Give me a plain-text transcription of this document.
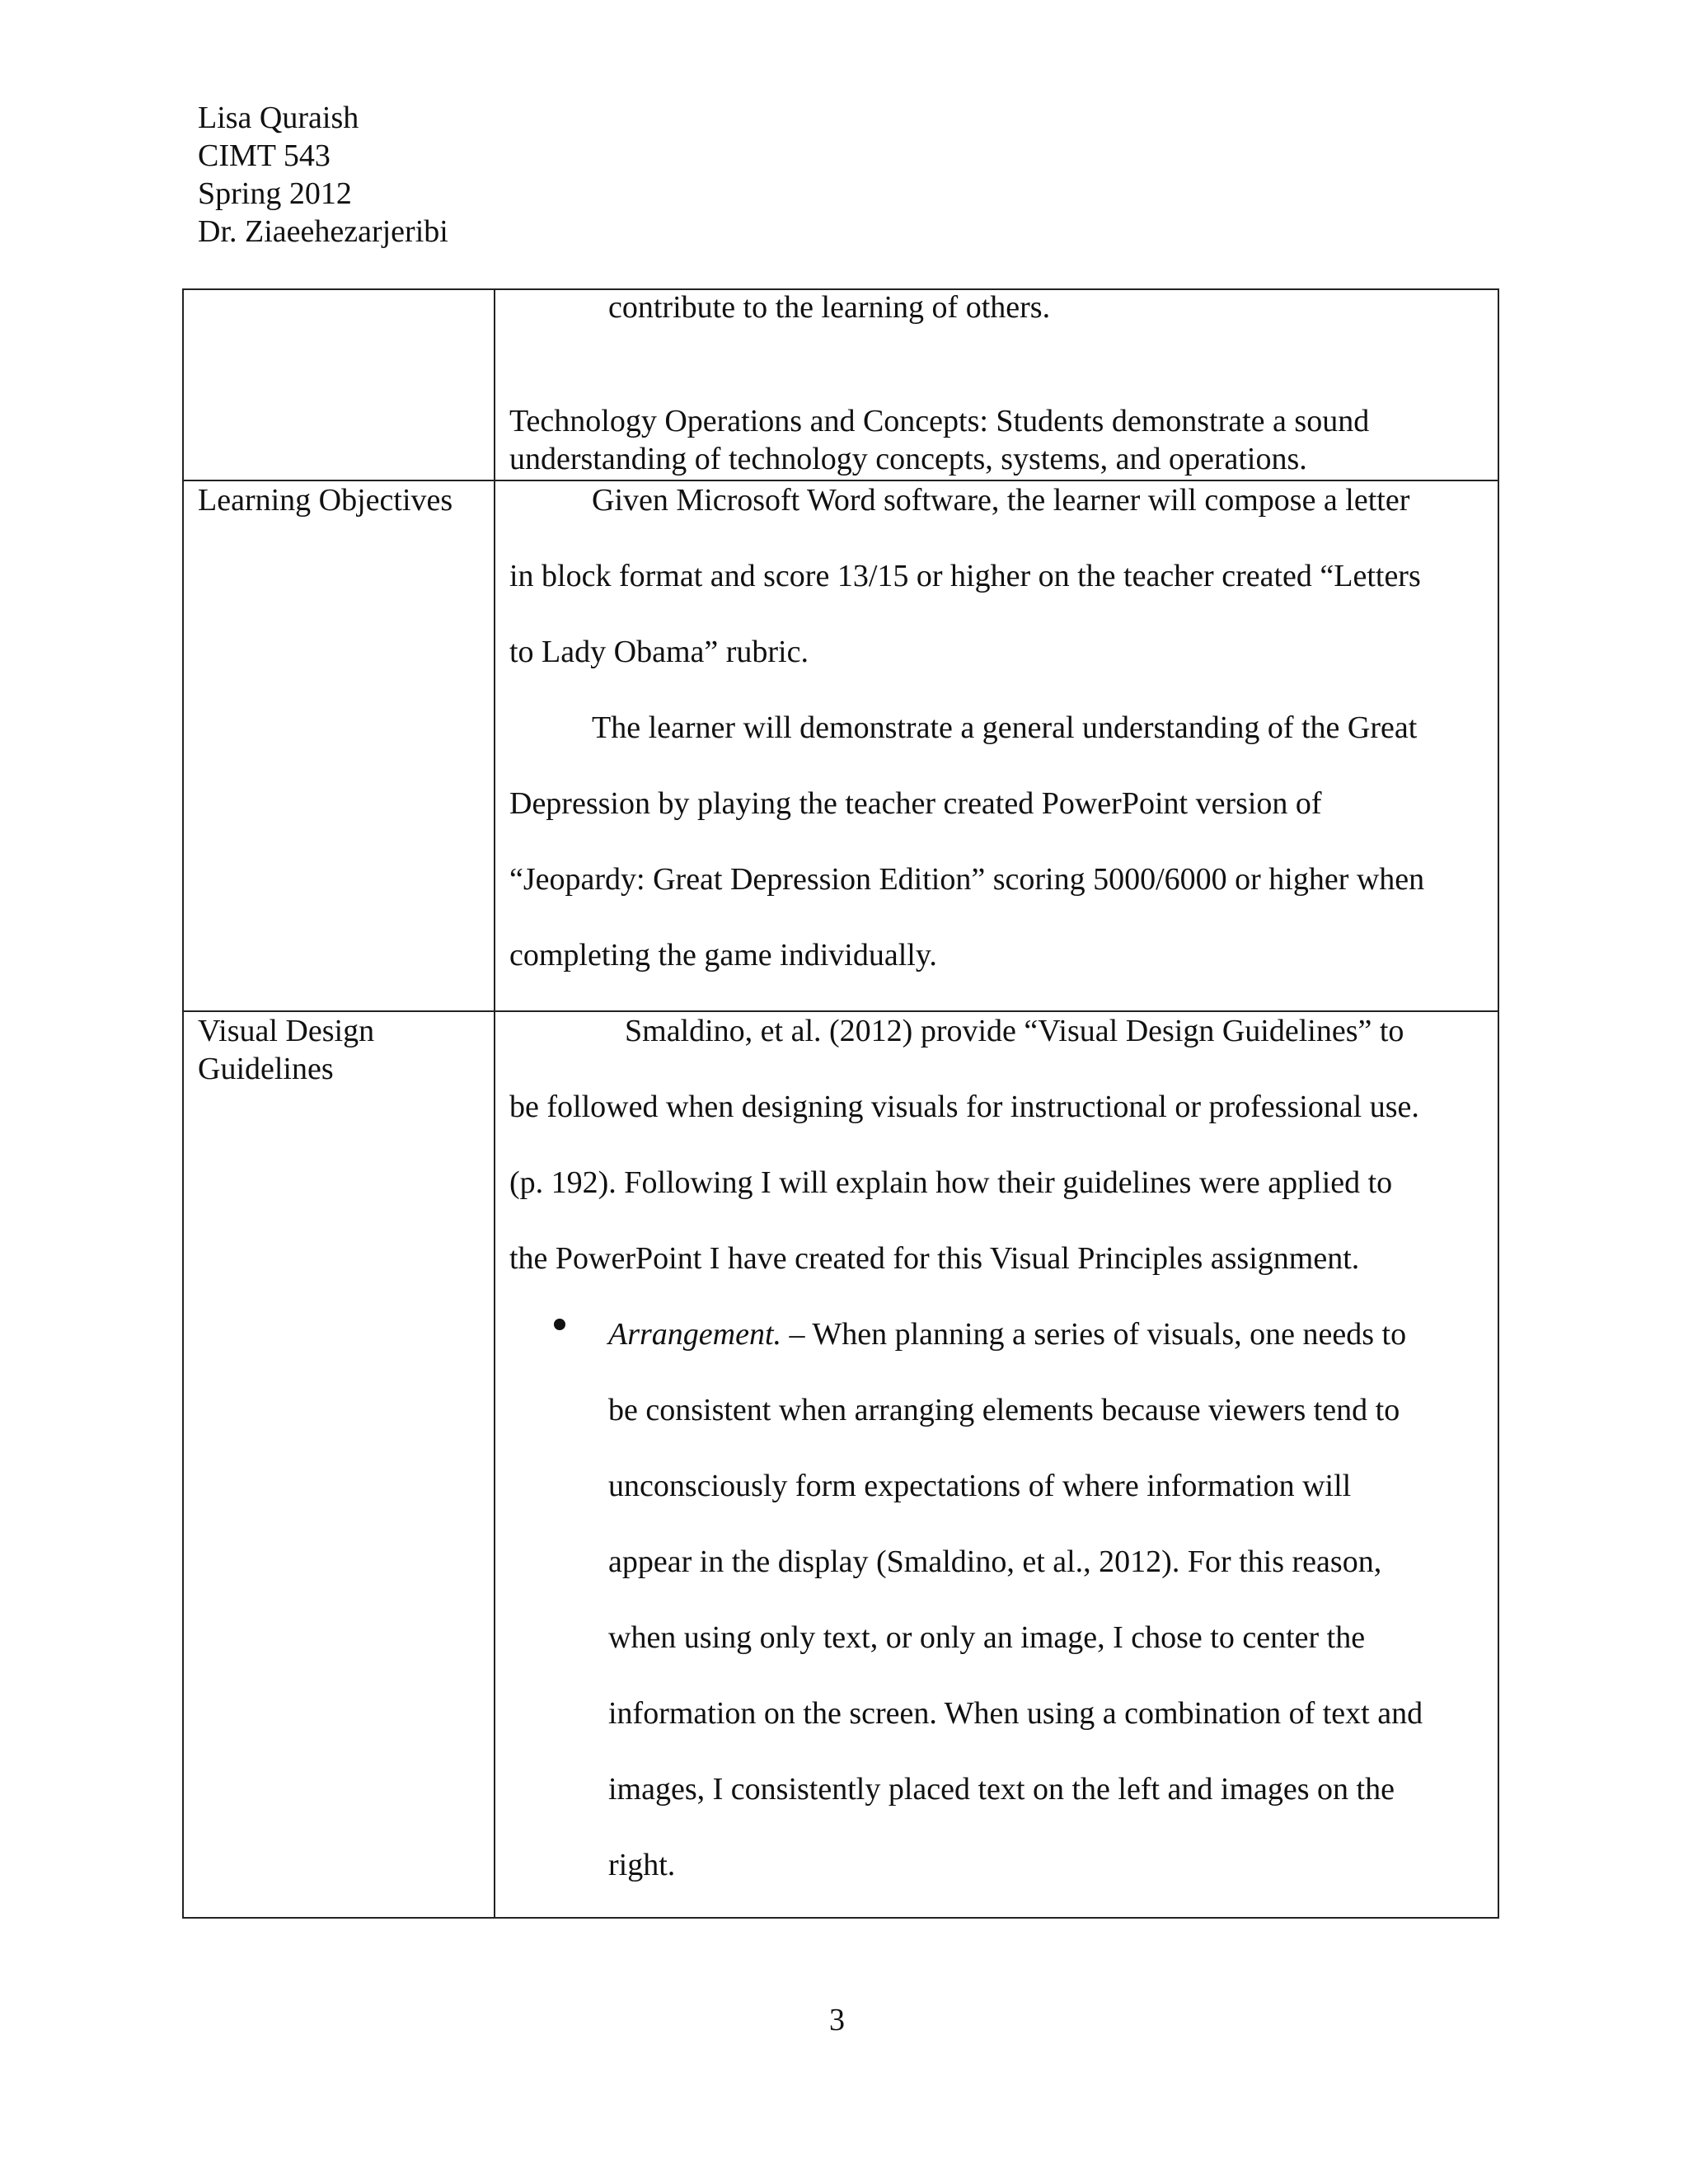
Lisa Quraish
CIMT 543
Spring 2012
Dr. Ziaeehezarjeribi
contribute to the learning of others.
Technology Operations and Concepts: Students demonstrate a sound
understanding of technology concepts, systems, and operations.
Learning Objectives	Given Microsoft Word software, the learner will compose a letter
in block format and score 13/15 or higher on the teacher created “Letters
to Lady Obama” rubric.
The learner will demonstrate a general understanding of the Great
Depression by playing the teacher created PowerPoint version of
“Jeopardy: Great Depression Edition” scoring 5000/6000 or higher when
completing the game individually.
Visual Design
Guidelines
Smaldino, et al. (2012) provide “Visual Design Guidelines” to
be followed when designing visuals for instructional or professional use.
(p. 192). Following I will explain how their guidelines were applied to
the PowerPoint I have created for this Visual Principles assignment.
Arrangement. – When planning a series of visuals, one needs to
be consistent when arranging elements because viewers tend to
unconsciously form expectations of where information will
appear in the display (Smaldino, et al., 2012). For this reason,
when using only text, or only an image, I chose to center the
information on the screen. When using a combination of text and
images, I consistently placed text on the left and images on the
right.
3
